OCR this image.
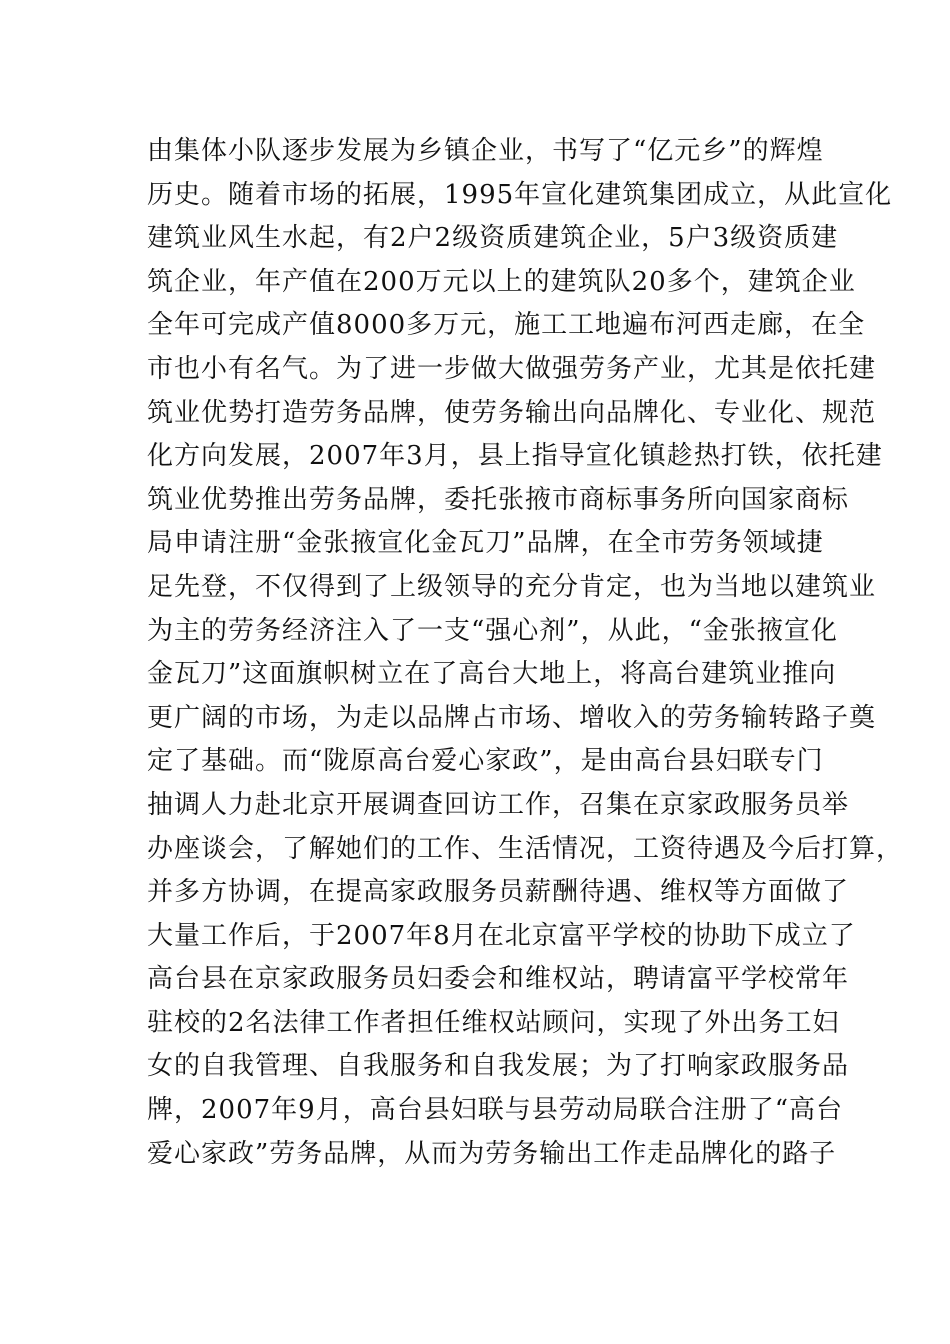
由集体小队逐步发展为乡镇企业，书写了“亿元乡”的辉煌
历史。随着市场的拓展，1995年宣化建筑集团成立，从此宣化
建筑业风生水起，有2户2级资质建筑企业，5户3级资质建
筑企业，年产值在200万元以上的建筑队20多个，建筑企业
全年可完成产值8000多万元，施工工地遍布河西走廊，在全
市也小有名气。为了进一步做大做强劳务产业，尤其是依托建
筑业优势打造劳务品牌，使劳务输出向品牌化、专业化、规范
化方向发展，2007年3月，县上指导宣化镇趁热打铁，依托建
筑业优势推出劳务品牌，委托张掖市商标事务所向国家商标
局申请注册“金张掖宣化金瓦刀”品牌，在全市劳务领域捷
足先登，不仅得到了上级领导的充分肯定，也为当地以建筑业
为主的劳务经济注入了一支“强心剂”，从此，“金张掖宣化
金瓦刀”这面旗帜树立在了高台大地上，将高台建筑业推向
更广阔的市场，为走以品牌占市场、增收入的劳务输转路子奠
定了基础。而“陇原高台爱心家政”，是由高台县妇联专门
抽调人力赴北京开展调查回访工作，召集在京家政服务员举
办座谈会，了解她们的工作、生活情况，工资待遇及今后打算，
并多方协调，在提高家政服务员薪酬待遇、维权等方面做了
大量工作后，于2007年8月在北京富平学校的协助下成立了
高台县在京家政服务员妇委会和维权站，聘请富平学校常年
驻校的2名法律工作者担任维权站顾问，实现了外出务工妇
女的自我管理、自我服务和自我发展；为了打响家政服务品
牌，2007年9月，高台县妇联与县劳动局联合注册了“高台
爱心家政”劳务品牌，从而为劳务输出工作走品牌化的路子
